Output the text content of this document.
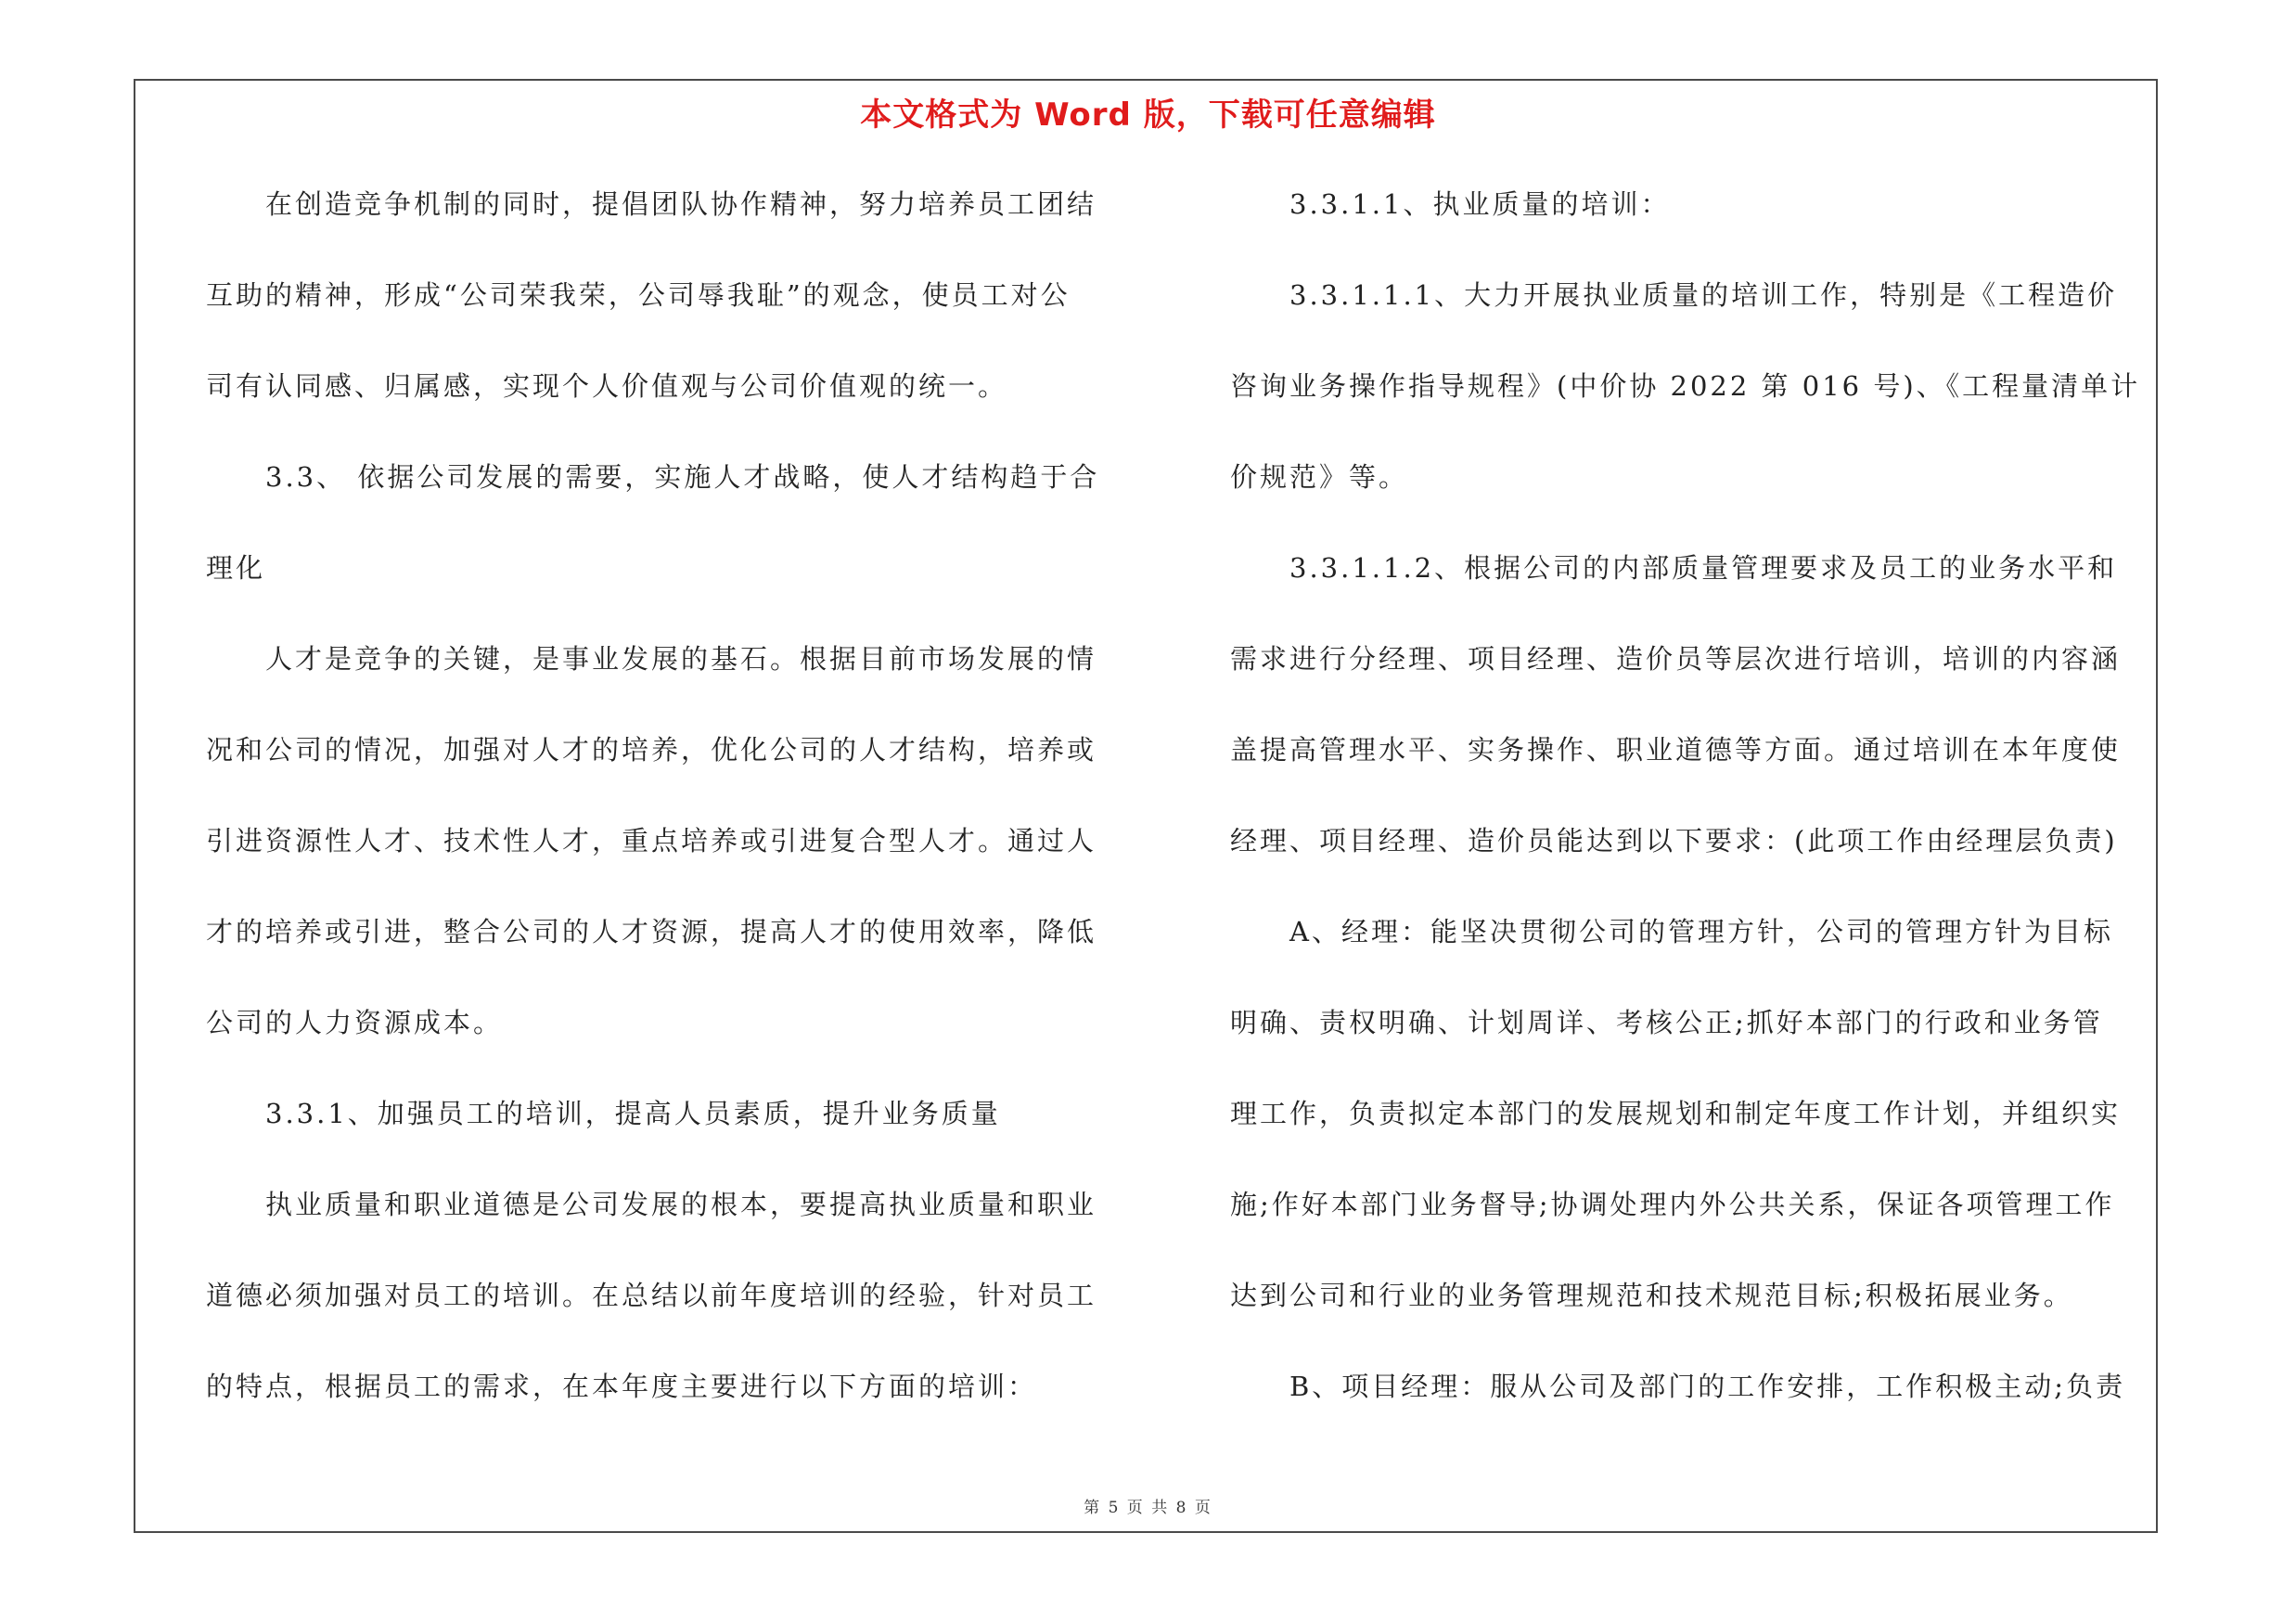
本文格式为 Word 版，下载可任意编辑
　　在创造竞争机制的同时，提倡团队协作精神，努力培养员工团结
互助的精神，形成“公司荣我荣，公司辱我耻”的观念，使员工对公
司有认同感、归属感，实现个人价值观与公司价值观的统一。
　　3.3、 依据公司发展的需要，实施人才战略，使人才结构趋于合
理化
　　人才是竞争的关键，是事业发展的基石。根据目前市场发展的情
况和公司的情况，加强对人才的培养，优化公司的人才结构，培养或
引进资源性人才、技术性人才，重点培养或引进复合型人才。通过人
才的培养或引进，整合公司的人才资源，提高人才的使用效率，降低
公司的人力资源成本。
　　3.3.1、加强员工的培训，提高人员素质，提升业务质量
　　执业质量和职业道德是公司发展的根本，要提高执业质量和职业
道德必须加强对员工的培训。在总结以前年度培训的经验，针对员工
的特点，根据员工的需求，在本年度主要进行以下方面的培训：
　　3.3.1.1、执业质量的培训：
　　3.3.1.1.1、大力开展执业质量的培训工作，特别是《工程造价
咨询业务操作指导规程》(中价协 2022 第 016 号)、《工程量清单计
价规范》等。
　　3.3.1.1.2、根据公司的内部质量管理要求及员工的业务水平和
需求进行分经理、项目经理、造价员等层次进行培训，培训的内容涵
盖提高管理水平、实务操作、职业道德等方面。通过培训在本年度使
经理、项目经理、造价员能达到以下要求：(此项工作由经理层负责)
　　A、经理：能坚决贯彻公司的管理方针，公司的管理方针为目标
明确、责权明确、计划周详、考核公正;抓好本部门的行政和业务管
理工作，负责拟定本部门的发展规划和制定年度工作计划，并组织实
施;作好本部门业务督导;协调处理内外公共关系，保证各项管理工作
达到公司和行业的业务管理规范和技术规范目标;积极拓展业务。
　　B、项目经理：服从公司及部门的工作安排，工作积极主动;负责
第 5 页 共 8 页
